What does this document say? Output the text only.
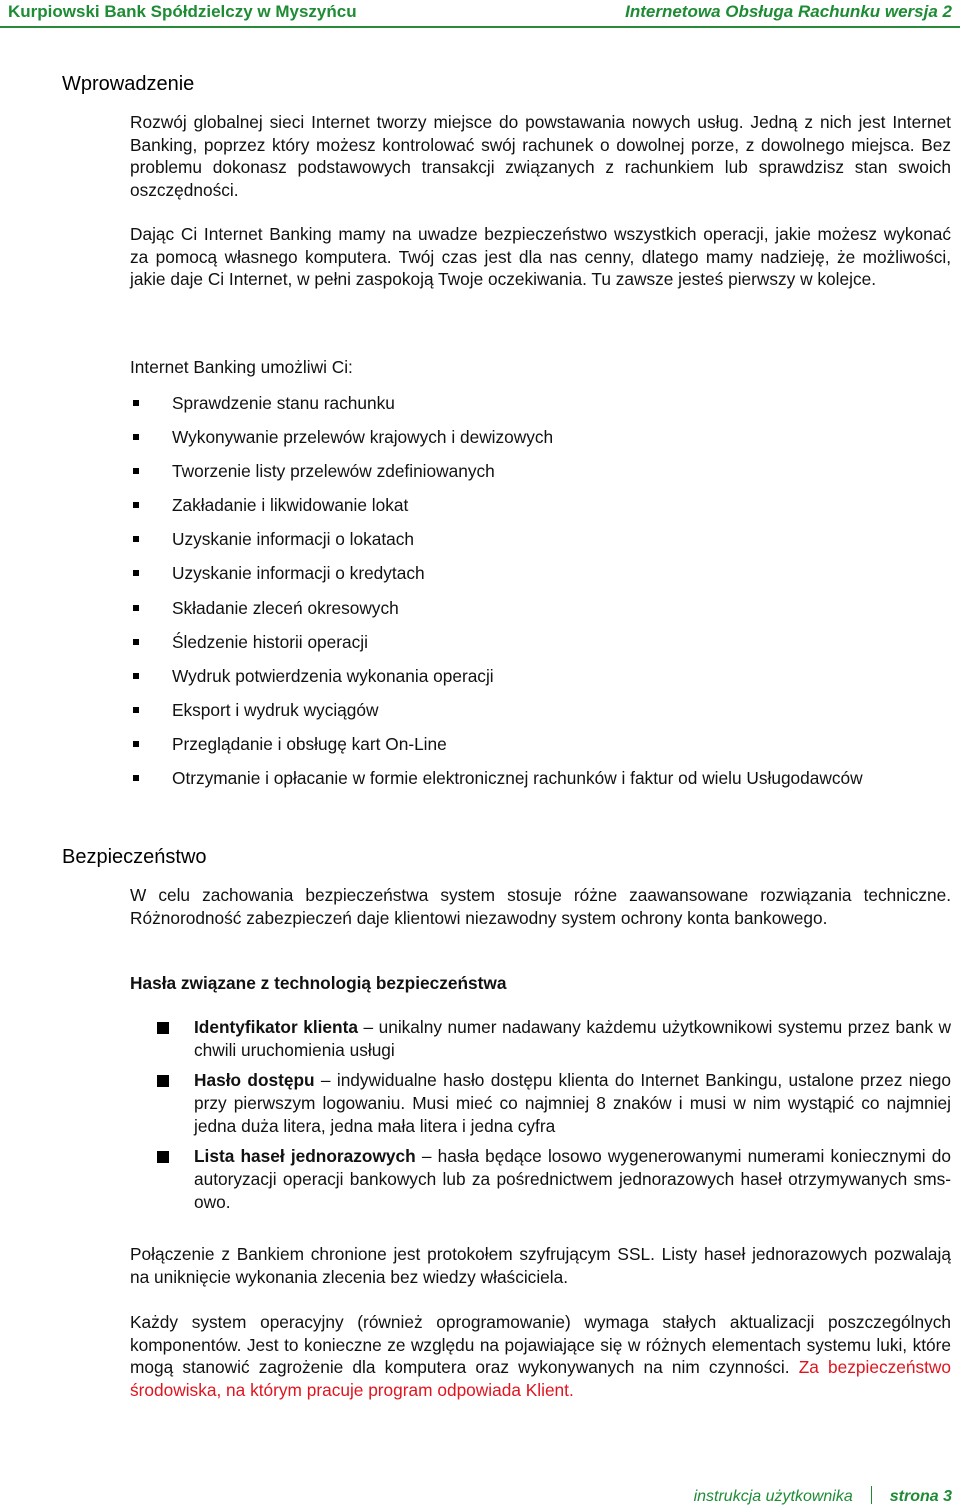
Kurpiowski Bank Spółdzielczy w Myszyńcu	Internetowa Obsługa Rachunku wersja 2
Wprowadzenie

Rozwój globalnej sieci Internet tworzy miejsce do powstawania nowych usług. Jedną z nich jest Internet Banking, poprzez który możesz kontrolować swój rachunek o dowolnej porze, z dowolnego miejsca. Bez problemu dokonasz podstawowych transakcji związanych z rachunkiem lub sprawdzisz stan swoich oszczędności.

Dając Ci Internet Banking mamy na uwadze bezpieczeństwo wszystkich operacji, jakie możesz wykonać za pomocą własnego komputera. Twój czas jest dla nas cenny, dlatego mamy nadzieję, że możliwości, jakie daje Ci Internet, w pełni zaspokoją Twoje oczekiwania. Tu zawsze jesteś pierwszy w kolejce.

Internet Banking umożliwi Ci:
Sprawdzenie stanu rachunku
Wykonywanie przelewów krajowych i dewizowych
Tworzenie listy przelewów zdefiniowanych
Zakładanie i likwidowanie lokat
Uzyskanie informacji o lokatach
Uzyskanie informacji o kredytach
Składanie zleceń okresowych
Śledzenie historii operacji
Wydruk potwierdzenia wykonania operacji
Eksport i wydruk wyciągów
Przeglądanie i obsługę kart On-Line
Otrzymanie i opłacanie w formie elektronicznej rachunków i faktur od wielu Usługodawców
Bezpieczeństwo

W celu zachowania bezpieczeństwa system stosuje różne zaawansowane rozwiązania techniczne. Różnorodność zabezpieczeń daje klientowi niezawodny system ochrony konta bankowego.

Hasła związane z technologią bezpieczeństwa
Identyfikator klienta – unikalny numer nadawany każdemu użytkownikowi systemu przez bank w chwili uruchomienia usługi
Hasło dostępu – indywidualne hasło dostępu klienta do Internet Bankingu, ustalone przez niego przy pierwszym logowaniu. Musi mieć co najmniej 8 znaków i musi w nim wystąpić co najmniej jedna duża litera, jedna mała litera i jedna cyfra
Lista haseł jednorazowych – hasła będące losowo wygenerowanymi numerami koniecznymi do autoryzacji operacji bankowych lub za pośrednictwem jednorazowych haseł otrzymywanych sms-owo.

Połączenie z Bankiem chronione jest protokołem szyfrującym SSL. Listy haseł jednorazowych pozwalają na uniknięcie wykonania zlecenia bez wiedzy właściciela.

Każdy system operacyjny (również oprogramowanie) wymaga stałych aktualizacji poszczególnych komponentów. Jest to konieczne ze względu na pojawiające się w różnych elementach systemu luki, które mogą stanowić zagrożenie dla komputera oraz wykonywanych na nim czynności. Za bezpieczeństwo środowiska, na którym pracuje program odpowiada Klient.

instrukcja użytkownika strona 3
